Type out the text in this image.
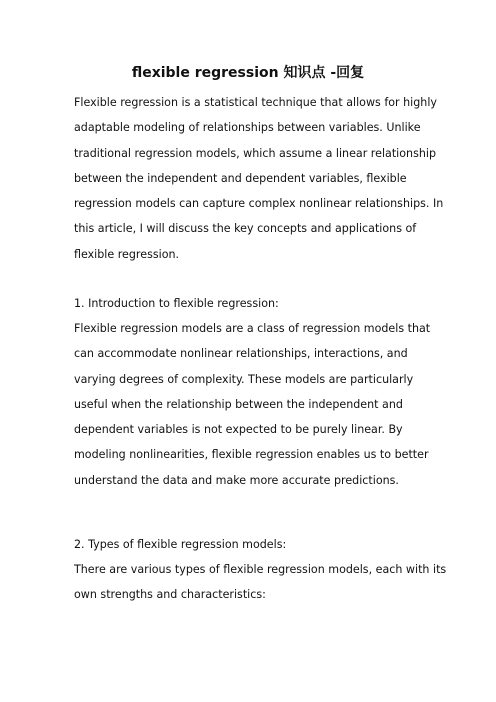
flexible regression 知识点 -回复

Flexible regression is a statistical technique that allows for highly
adaptable modeling of relationships between variables. Unlike
traditional regression models, which assume a linear relationship
between the independent and dependent variables, flexible
regression models can capture complex nonlinear relationships. In
this article, I will discuss the key concepts and applications of
flexible regression.

1. Introduction to flexible regression:

Flexible regression models are a class of regression models that
can accommodate nonlinear relationships, interactions, and
varying degrees of complexity. These models are particularly
useful when the relationship between the independent and
dependent variables is not expected to be purely linear. By
modeling nonlinearities, flexible regression enables us to better
understand the data and make more accurate predictions.

2. Types of flexible regression models:

There are various types of flexible regression models, each with its
own strengths and characteristics:
